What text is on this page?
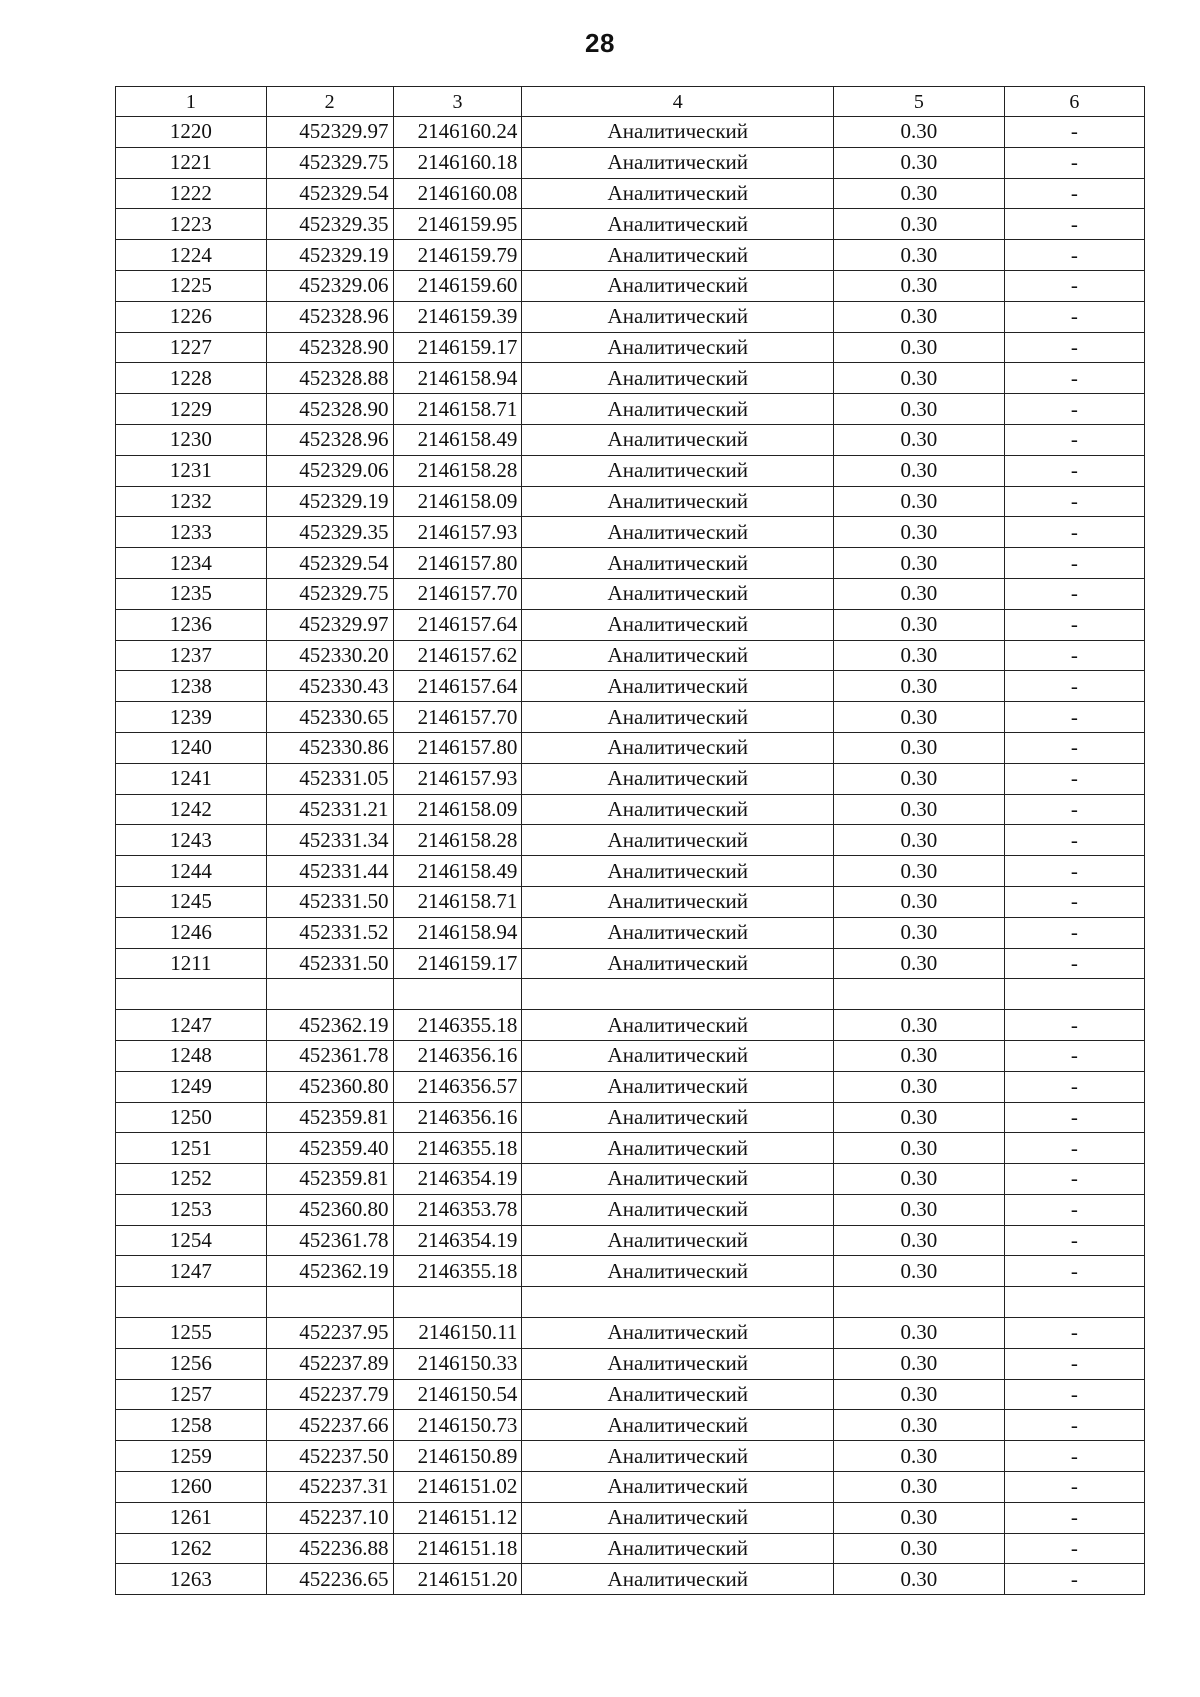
28
1	2	3	4	5	6
1220	452329.97	2146160.24	Аналитический	0.30	-
1221	452329.75	2146160.18	Аналитический	0.30	-
1222	452329.54	2146160.08	Аналитический	0.30	-
1223	452329.35	2146159.95	Аналитический	0.30	-
1224	452329.19	2146159.79	Аналитический	0.30	-
1225	452329.06	2146159.60	Аналитический	0.30	-
1226	452328.96	2146159.39	Аналитический	0.30	-
1227	452328.90	2146159.17	Аналитический	0.30	-
1228	452328.88	2146158.94	Аналитический	0.30	-
1229	452328.90	2146158.71	Аналитический	0.30	-
1230	452328.96	2146158.49	Аналитический	0.30	-
1231	452329.06	2146158.28	Аналитический	0.30	-
1232	452329.19	2146158.09	Аналитический	0.30	-
1233	452329.35	2146157.93	Аналитический	0.30	-
1234	452329.54	2146157.80	Аналитический	0.30	-
1235	452329.75	2146157.70	Аналитический	0.30	-
1236	452329.97	2146157.64	Аналитический	0.30	-
1237	452330.20	2146157.62	Аналитический	0.30	-
1238	452330.43	2146157.64	Аналитический	0.30	-
1239	452330.65	2146157.70	Аналитический	0.30	-
1240	452330.86	2146157.80	Аналитический	0.30	-
1241	452331.05	2146157.93	Аналитический	0.30	-
1242	452331.21	2146158.09	Аналитический	0.30	-
1243	452331.34	2146158.28	Аналитический	0.30	-
1244	452331.44	2146158.49	Аналитический	0.30	-
1245	452331.50	2146158.71	Аналитический	0.30	-
1246	452331.52	2146158.94	Аналитический	0.30	-
1211	452331.50	2146159.17	Аналитический	0.30	-

1247	452362.19	2146355.18	Аналитический	0.30	-
1248	452361.78	2146356.16	Аналитический	0.30	-
1249	452360.80	2146356.57	Аналитический	0.30	-
1250	452359.81	2146356.16	Аналитический	0.30	-
1251	452359.40	2146355.18	Аналитический	0.30	-
1252	452359.81	2146354.19	Аналитический	0.30	-
1253	452360.80	2146353.78	Аналитический	0.30	-
1254	452361.78	2146354.19	Аналитический	0.30	-
1247	452362.19	2146355.18	Аналитический	0.30	-

1255	452237.95	2146150.11	Аналитический	0.30	-
1256	452237.89	2146150.33	Аналитический	0.30	-
1257	452237.79	2146150.54	Аналитический	0.30	-
1258	452237.66	2146150.73	Аналитический	0.30	-
1259	452237.50	2146150.89	Аналитический	0.30	-
1260	452237.31	2146151.02	Аналитический	0.30	-
1261	452237.10	2146151.12	Аналитический	0.30	-
1262	452236.88	2146151.18	Аналитический	0.30	-
1263	452236.65	2146151.20	Аналитический	0.30	-
